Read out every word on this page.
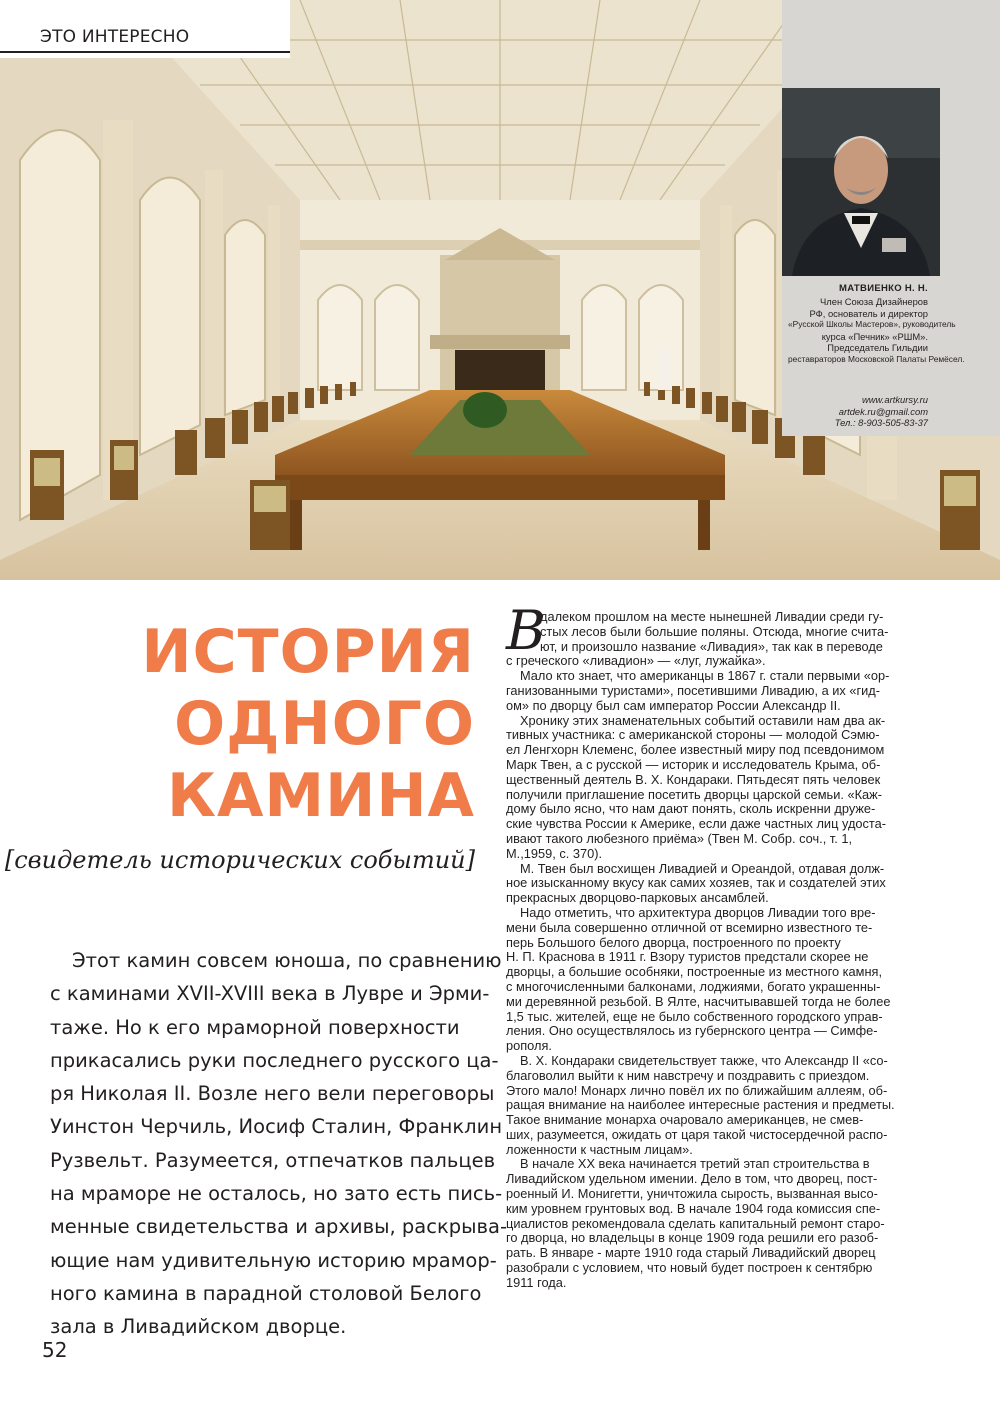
ЭТО ИНТЕРЕСНО
МАТВИЕНКО Н. Н.
Член Союза Дизайнеров
РФ, основатель и директор
«Русской Школы Мастеров», руководитель
курса «Печник» «РШМ».
Председатель Гильдии
реставраторов Московской Палаты Ремёсел.
www.artkursy.ru
artdek.ru@gmail.com
Тел.: 8-903-505-83-37
ИСТОРИЯ
ОДНОГО
КАМИНА
[свидетель исторических событий]
Этот камин совсем юноша, по сравнению
с каминами XVII-XVIII века в Лувре и Эрми-
таже. Но к его мраморной поверхности
прикасались руки последнего русского ца-
ря Николая II. Возле него вели переговоры
Уинстон Черчиль, Иосиф Сталин, Франклин
Рузвельт. Разумеется, отпечатков пальцев
на мраморе не осталось, но зато есть пись-
менные свидетельства и архивы, раскрыва-
ющие нам удивительную историю мрамор-
ного камина в парадной столовой Белого
зала в Ливадийском дворце.
В
далеком прошлом на месте нынешней Ливадии среди гу-
стых лесов были большие поляны. Отсюда, многие счита-
ют, и произошло название «Ливадия», так как в переводе
с греческого «ливадион» — «луг, лужайка».
Мало кто знает, что американцы в 1867 г. стали первыми «ор-
ганизованными туристами», посетившими Ливадию, а их «гид-
ом» по дворцу был сам император России Александр II.
Хронику этих знаменательных событий оставили нам два ак-
тивных участника: с американской стороны — молодой Сэмю-
ел Ленгхорн Клеменс, более известный миру под псевдонимом
Марк Твен, а с русской — историк и исследователь Крыма, об-
щественный деятель В. Х. Кондараки. Пятьдесят пять человек
получили приглашение посетить дворцы царской семьи. «Каж-
дому было ясно, что нам дают понять, сколь искренни друже-
ские чувства России к Америке, если даже частных лиц удоста-
ивают такого любезного приёма» (Твен М. Собр. соч., т. 1,
М.,1959, с. 370).
М. Твен был восхищен Ливадией и Ореандой, отдавая долж-
ное изысканному вкусу как самих хозяев, так и создателей этих
прекрасных дворцово-парковых ансамблей.
Надо отметить, что архитектура дворцов Ливадии того вре-
мени была совершенно отличной от всемирно известного те-
перь Большого белого дворца, построенного по проекту
Н. П. Краснова в 1911 г. Взору туристов предстали скорее не
дворцы, а большие особняки, построенные из местного камня,
с многочисленными балконами, лоджиями, богато украшенны-
ми деревянной резьбой. В Ялте, насчитывавшей тогда не более
1,5 тыс. жителей, еще не было собственного городского управ-
ления. Оно осуществлялось из губернского центра — Симфе-
рополя.
В. Х. Кондараки свидетельствует также, что Александр II «со-
благоволил выйти к ним навстречу и поздравить с приездом.
Этого мало! Монарх лично повёл их по ближайшим аллеям, об-
ращая внимание на наиболее интересные растения и предметы.
Такое внимание монарха очаровало американцев, не смев-
ших, разумеется, ожидать от царя такой чистосердечной распо-
ложенности к частным лицам».
В начале XX века начинается третий этап строительства в
Ливадийском удельном имении. Дело в том, что дворец, пост-
роенный И. Монигетти, уничтожила сырость, вызванная высо-
ким уровнем грунтовых вод. В начале 1904 года комиссия спе-
циалистов рекомендовала сделать капитальный ремонт старо-
го дворца, но владельцы в конце 1909 года решили его разоб-
рать. В январе - марте 1910 года старый Ливадийский дворец
разобрали с условием, что новый будет построен к сентябрю
1911 года.
52
